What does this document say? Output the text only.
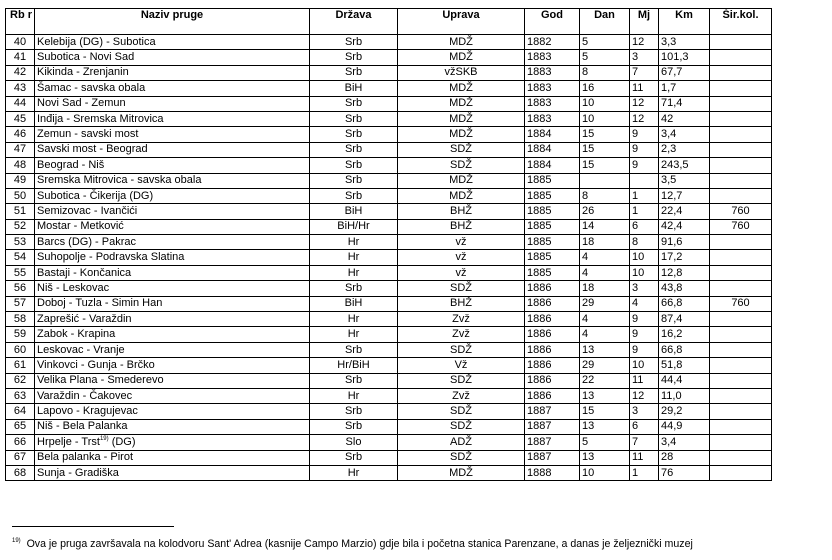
Rb r	Naziv pruge	Država	Uprava	God	Dan	Mj	Km	Šir.kol.
40	Kelebija (DG) - Subotica	Srb	MDŽ	1882	5	12	3,3	
41	Subotica - Novi Sad	Srb	MDŽ	1883	5	3	101,3	
42	Kikinda - Zrenjanin	Srb	vžSKB	1883	8	7	67,7	
43	Šamac - savska obala	BiH	MDŽ	1883	16	11	1,7	
44	Novi Sad - Zemun	Srb	MDŽ	1883	10	12	71,4	
45	Inđija - Sremska Mitrovica	Srb	MDŽ	1883	10	12	42	
46	Zemun - savski most	Srb	MDŽ	1884	15	9	3,4	
47	Savski most - Beograd	Srb	SDŽ	1884	15	9	2,3	
48	Beograd - Niš	Srb	SDŽ	1884	15	9	243,5	
49	Sremska Mitrovica - savska obala	Srb	MDŽ	1885			3,5	
50	Subotica - Čikerija (DG)	Srb	MDŽ	1885	8	1	12,7	
51	Semizovac - Ivančići	BiH	BHŽ	1885	26	1	22,4	760
52	Mostar - Metković	BiH/Hr	BHŽ	1885	14	6	42,4	760
53	Barcs (DG) - Pakrac	Hr	vž	1885	18	8	91,6	
54	Suhopolje - Podravska Slatina	Hr	vž	1885	4	10	17,2	
55	Bastaji - Končanica	Hr	vž	1885	4	10	12,8	
56	Niš - Leskovac	Srb	SDŽ	1886	18	3	43,8	
57	Doboj - Tuzla - Simin Han	BiH	BHŽ	1886	29	4	66,8	760
58	Zaprešić - Varaždin	Hr	Zvž	1886	4	9	87,4	
59	Zabok - Krapina	Hr	Zvž	1886	4	9	16,2	
60	Leskovac - Vranje	Srb	SDŽ	1886	13	9	66,8	
61	Vinkovci - Gunja - Brčko	Hr/BiH	Vž	1886	29	10	51,8	
62	Velika Plana - Smederevo	Srb	SDŽ	1886	22	11	44,4	
63	Varaždin - Čakovec	Hr	Zvž	1886	13	12	11,0	
64	Lapovo - Kragujevac	Srb	SDŽ	1887	15	3	29,2	
65	Niš - Bela Palanka	Srb	SDŽ	1887	13	6	44,9	
66	Hrpelje - Trst$^{19)}$ (DG)	Slo	ADŽ	1887	5	7	3,4	
67	Bela palanka - Pirot	Srb	SDŽ	1887	13	11	28	
68	Sunja - Gradiška	Hr	MDŽ	1888	10	1	76	
$^{19)}$ Ova je pruga završavala na kolodvoru Sant' Adrea (kasnije Campo Marzio) gdje bila i početna stanica Parenzane, a danas je željeznički muzej
